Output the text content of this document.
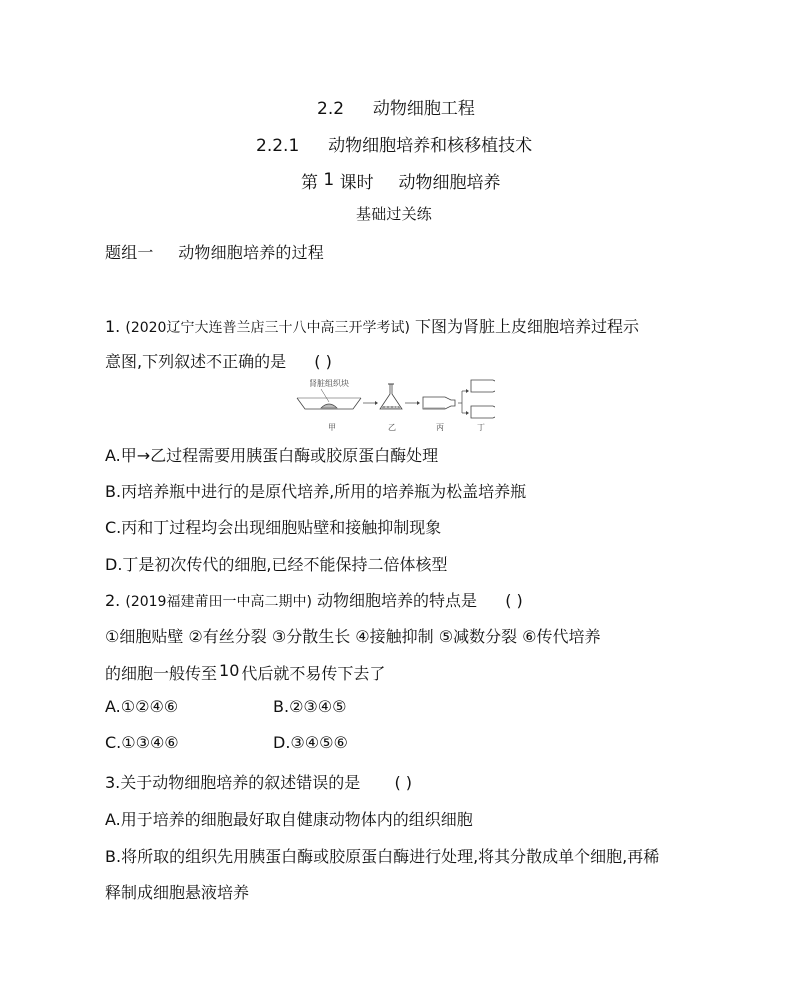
2.2 动物细胞工程
2.2.1 动物细胞培养和核移植技术
第 1 课时 动物细胞培养
基础过关练
题组一 动物细胞培养的过程
1. (2020辽宁大连普兰店三十八中高三开学考试) 下图为肾脏上皮细胞培养过程示
意图,下列叙述不正确的是 ( )
肾脏组织块
甲	乙	丙	丁
A.甲→乙过程需要用胰蛋白酶或胶原蛋白酶处理
B.丙培养瓶中进行的是原代培养,所用的培养瓶为松盖培养瓶
C.丙和丁过程均会出现细胞贴壁和接触抑制现象
D.丁是初次传代的细胞,已经不能保持二倍体核型
2. (2019福建莆田一中高二期中) 动物细胞培养的特点是 ( )
①细胞贴壁 ②有丝分裂 ③分散生长 ④接触抑制 ⑤减数分裂 ⑥传代培养
的细胞一般传至 10 代后就不易传下去了
A.①②④⑥	B.②③④⑤
C.①③④⑥	D.③④⑤⑥
3.关于动物细胞培养的叙述错误的是 ( )
A.用于培养的细胞最好取自健康动物体内的组织细胞
B.将所取的组织先用胰蛋白酶或胶原蛋白酶进行处理,将其分散成单个细胞,再稀
释制成细胞悬液培养
